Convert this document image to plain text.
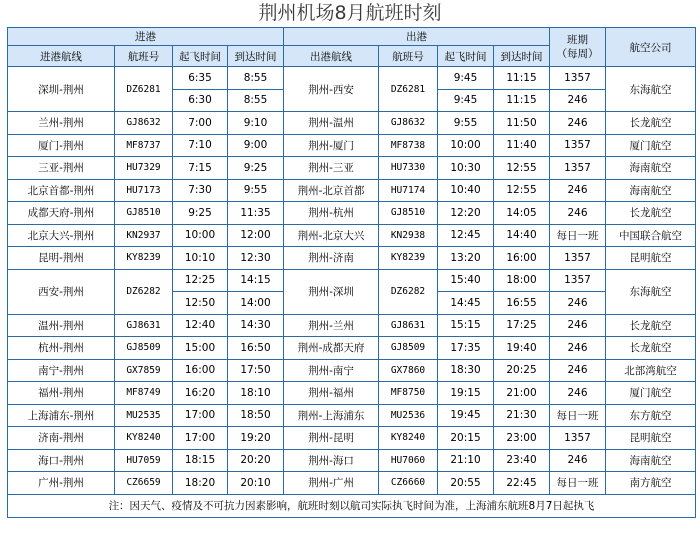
荆州机场8月航班时刻
进港				出港				班期
（每周）	航空公司
进港航线	航班号	起飞时间	到达时间	出港航线	航班号	起飞时间	到达时间		
深圳-荆州	DZ6281	6:35	8:55	荆州-西安	DZ6281	9:45	11:15	1357	东海航空
		6:30	8:55			9:45	11:15	246	
兰州-荆州	GJ8632	7:00	9:10	荆州-温州	GJ8632	9:55	11:50	246	长龙航空
厦门-荆州	MF8737	7:10	9:00	荆州-厦门	MF8738	10:00	11:40	1357	厦门航空
三亚-荆州	HU7329	7:15	9:25	荆州-三亚	HU7330	10:30	12:55	1357	海南航空
北京首都-荆州	HU7173	7:30	9:55	荆州-北京首都	HU7174	10:40	12:55	246	海南航空
成都天府-荆州	GJ8510	9:25	11:35	荆州-杭州	GJ8510	12:20	14:05	246	长龙航空
北京大兴-荆州	KN2937	10:00	12:00	荆州-北京大兴	KN2938	12:45	14:40	每日一班	中国联合航空
昆明-荆州	KY8239	10:10	12:30	荆州-济南	KY8239	13:20	16:00	1357	昆明航空
西安-荆州	DZ6282	12:25	14:15	荆州-深圳	DZ6282	15:40	18:00	1357	东海航空
		12:50	14:00			14:45	16:55	246	
温州-荆州	GJ8631	12:40	14:30	荆州-兰州	GJ8631	15:15	17:25	246	长龙航空
杭州-荆州	GJ8509	15:00	16:50	荆州-成都天府	GJ8509	17:35	19:40	246	长龙航空
南宁-荆州	GX7859	16:00	17:50	荆州-南宁	GX7860	18:30	20:25	246	北部湾航空
福州-荆州	MF8749	16:20	18:10	荆州-福州	MF8750	19:15	21:00	246	厦门航空
上海浦东-荆州	MU2535	17:00	18:50	荆州-上海浦东	MU2536	19:45	21:30	每日一班	东方航空
济南-荆州	KY8240	17:00	19:20	荆州-昆明	KY8240	20:15	23:00	1357	昆明航空
海口-荆州	HU7059	18:15	20:20	荆州-海口	HU7060	21:10	23:40	246	海南航空
广州-荆州	CZ6659	18:20	20:10	荆州-广州	CZ6660	20:55	22:45	每日一班	南方航空
注：因天气、疫情及不可抗力因素影响，航班时刻以航司实际执飞时间为准，上海浦东航班8月7日起执飞									
